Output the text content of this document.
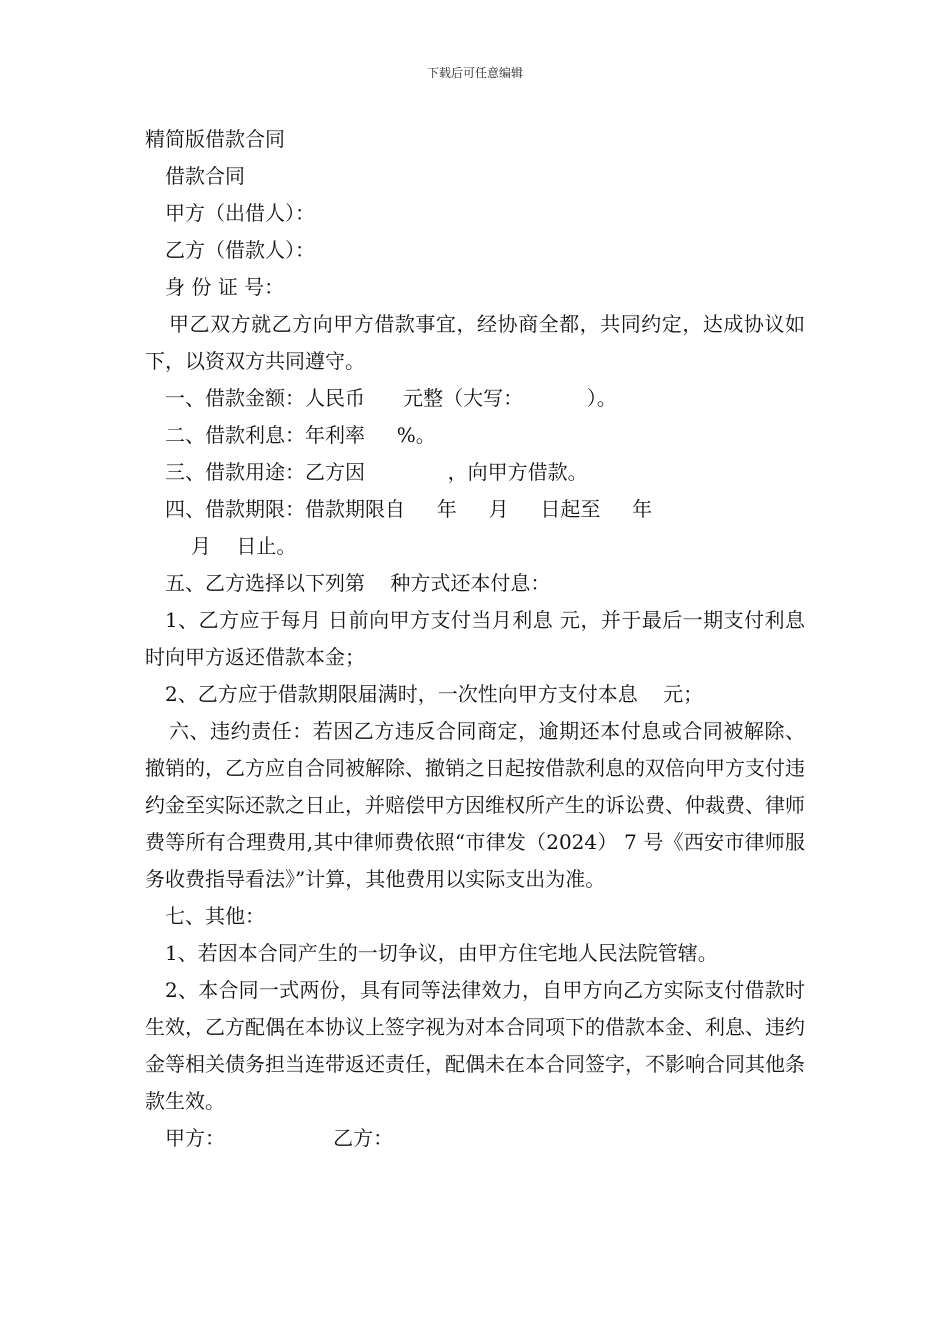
下载后可任意编辑
精简版借款合同
借款合同
甲方（出借人）：
乙方（借款人）：
身 份 证 号：
甲乙双方就乙方向甲方借款事宜，经协商全都，共同约定，达成协议如下，以资双方共同遵守。
一、借款金额：人民币      元整（大写：          ）。
二、借款利息：年利率     %。
三、借款用途：乙方因             ，向甲方借款。
四、借款期限：借款期限自     年     月     日起至     年
月    日止。
五、乙方选择以下列第    种方式还本付息：
1、乙方应于每月 日前向甲方支付当月利息 元，并于最后一期支付利息时向甲方返还借款本金；
2、乙方应于借款期限届满时，一次性向甲方支付本息    元；
六、违约责任：若因乙方违反合同商定，逾期还本付息或合同被解除、撤销的，乙方应自合同被解除、撤销之日起按借款利息的双倍向甲方支付违约金至实际还款之日止，并赔偿甲方因维权所产生的诉讼费、仲裁费、律师费等所有合理费用,其中律师费依照“市律发（2024） 7 号《西安市律师服务收费指导看法》”计算，其他费用以实际支出为准。
七、其他：
1、若因本合同产生的一切争议，由甲方住宅地人民法院管辖。
2、本合同一式两份，具有同等法律效力，自甲方向乙方实际支付借款时生效，乙方配偶在本协议上签字视为对本合同项下的借款本金、利息、违约金等相关债务担当连带返还责任，配偶未在本合同签字，不影响合同其他条款生效。
甲方：                 乙方：
